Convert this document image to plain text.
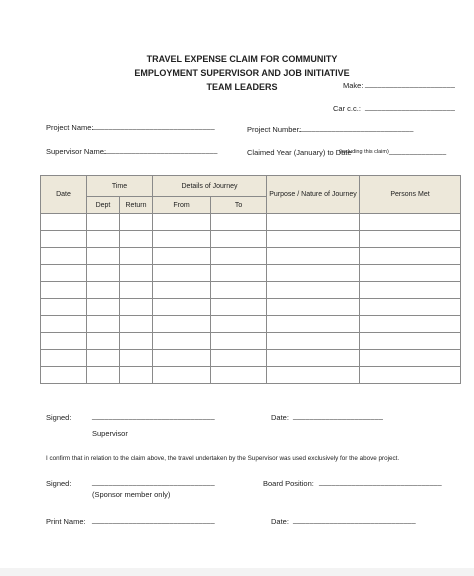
TRAVEL EXPENSE CLAIM FOR COMMUNITY
EMPLOYMENT SUPERVISOR AND JOB INITIATIVE
TEAM LEADERS	Make: ______________________
Car c.c.: ______________________
Project Name:
______________________________	Project Number:
____________________________
Supervisor Name:
____________________________	Claimed Year (January) to Date
(including this claim) ______________
Date	Time		Details of Journey		Purpose / Nature of Journey	Persons Met
	Dept	Return	From	To		

Signed:	______________________________	Date: ______________________
Supervisor
I confirm that in relation to the claim above, the travel undertaken by the Supervisor was used exclusively for the above project.
Signed:	______________________________	Board Position: ______________________________
(Sponsor member only)
Print Name: ______________________________	Date: ______________________________
